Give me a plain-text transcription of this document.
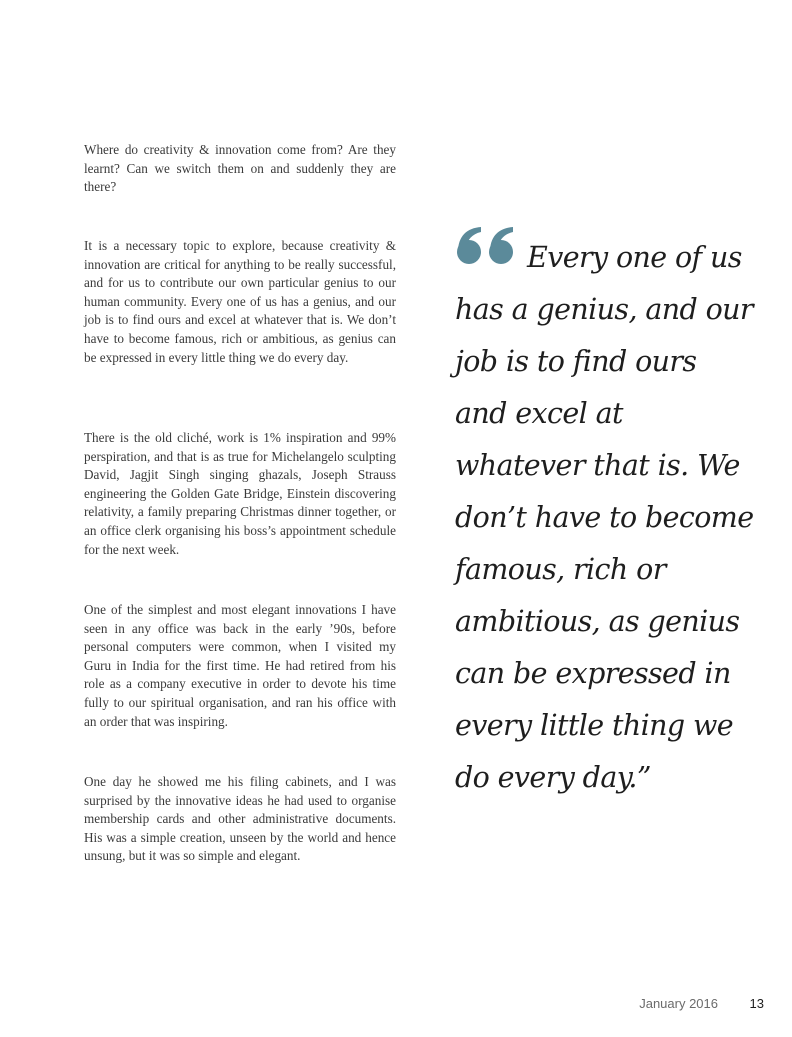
Where do creativity & innovation come from? Are they learnt? Can we switch them on and suddenly they are there?

It is a necessary topic to explore, because creativity & innovation are critical for anything to be really successful, and for us to contribute our own particular genius to our human community. Every one of us has a genius, and our job is to find ours and excel at whatever that is. We don’t have to become famous, rich or ambitious, as genius can be expressed in every little thing we do every day.

There is the old cliché, work is 1% inspiration and 99% perspiration, and that is as true for Michelangelo sculpting David, Jagjit Singh singing ghazals, Joseph Strauss engineering the Golden Gate Bridge, Einstein discovering relativity, a family preparing Christmas dinner together, or an office clerk organising his boss’s appointment schedule for the next week.

One of the simplest and most elegant innovations I have seen in any office was back in the early ’90s, before personal computers were common, when I visited my Guru in India for the first time. He had retired from his role as a company executive in order to devote his time fully to our spiritual organisation, and ran his office with an order that was inspiring.

One day he showed me his filing cabinets, and I was surprised by the innovative ideas he had used to organise membership cards and other administrative documents. His was a simple creation, unseen by the world and hence unsung, but it was so simple and elegant.

Every one of us has a genius, and our job is to find ours and excel at whatever that is. We don’t have to become famous, rich or ambitious, as genius can be expressed in every little thing we do every day.”

January 2016	13
